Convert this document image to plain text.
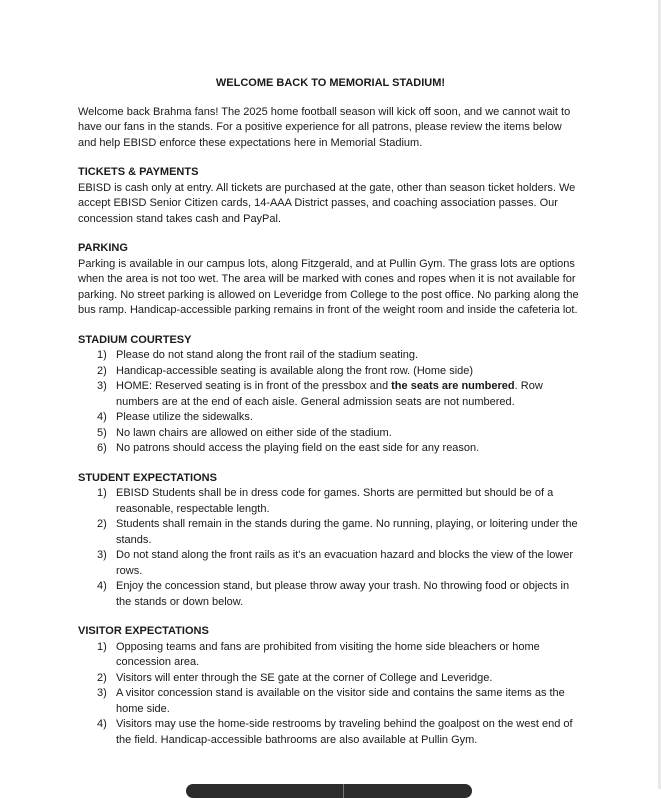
WELCOME BACK TO MEMORIAL STADIUM!

Welcome back Brahma fans! The 2025 home football season will kick off soon, and we cannot wait to have our fans in the stands. For a positive experience for all patrons, please review the items below and help EBISD enforce these expectations here in Memorial Stadium.

TICKETS & PAYMENTS

EBISD is cash only at entry. All tickets are purchased at the gate, other than season ticket holders. We accept EBISD Senior Citizen cards, 14-AAA District passes, and coaching association passes. Our concession stand takes cash and PayPal.

PARKING

Parking is available in our campus lots, along Fitzgerald, and at Pullin Gym. The grass lots are options when the area is not too wet. The area will be marked with cones and ropes when it is not available for parking. No street parking is allowed on Leveridge from College to the post office. No parking along the bus ramp. Handicap-accessible parking remains in front of the weight room and inside the cafeteria lot.

STADIUM COURTESY

1) Please do not stand along the front rail of the stadium seating.
2) Handicap-accessible seating is available along the front row. (Home side)
3) HOME: Reserved seating is in front of the pressbox and the seats are numbered. Row numbers are at the end of each aisle. General admission seats are not numbered.
4) Please utilize the sidewalks.
5) No lawn chairs are allowed on either side of the stadium.
6) No patrons should access the playing field on the east side for any reason.

STUDENT EXPECTATIONS

1) EBISD Students shall be in dress code for games. Shorts are permitted but should be of a reasonable, respectable length.
2) Students shall remain in the stands during the game. No running, playing, or loitering under the stands.
3) Do not stand along the front rails as it's an evacuation hazard and blocks the view of the lower rows.
4) Enjoy the concession stand, but please throw away your trash. No throwing food or objects in the stands or down below.

VISITOR EXPECTATIONS

1) Opposing teams and fans are prohibited from visiting the home side bleachers or home concession area.
2) Visitors will enter through the SE gate at the corner of College and Leveridge.
3) A visitor concession stand is available on the visitor side and contains the same items as the home side.
4) Visitors may use the home-side restrooms by traveling behind the goalpost on the west end of the field. Handicap-accessible bathrooms are also available at Pullin Gym.
